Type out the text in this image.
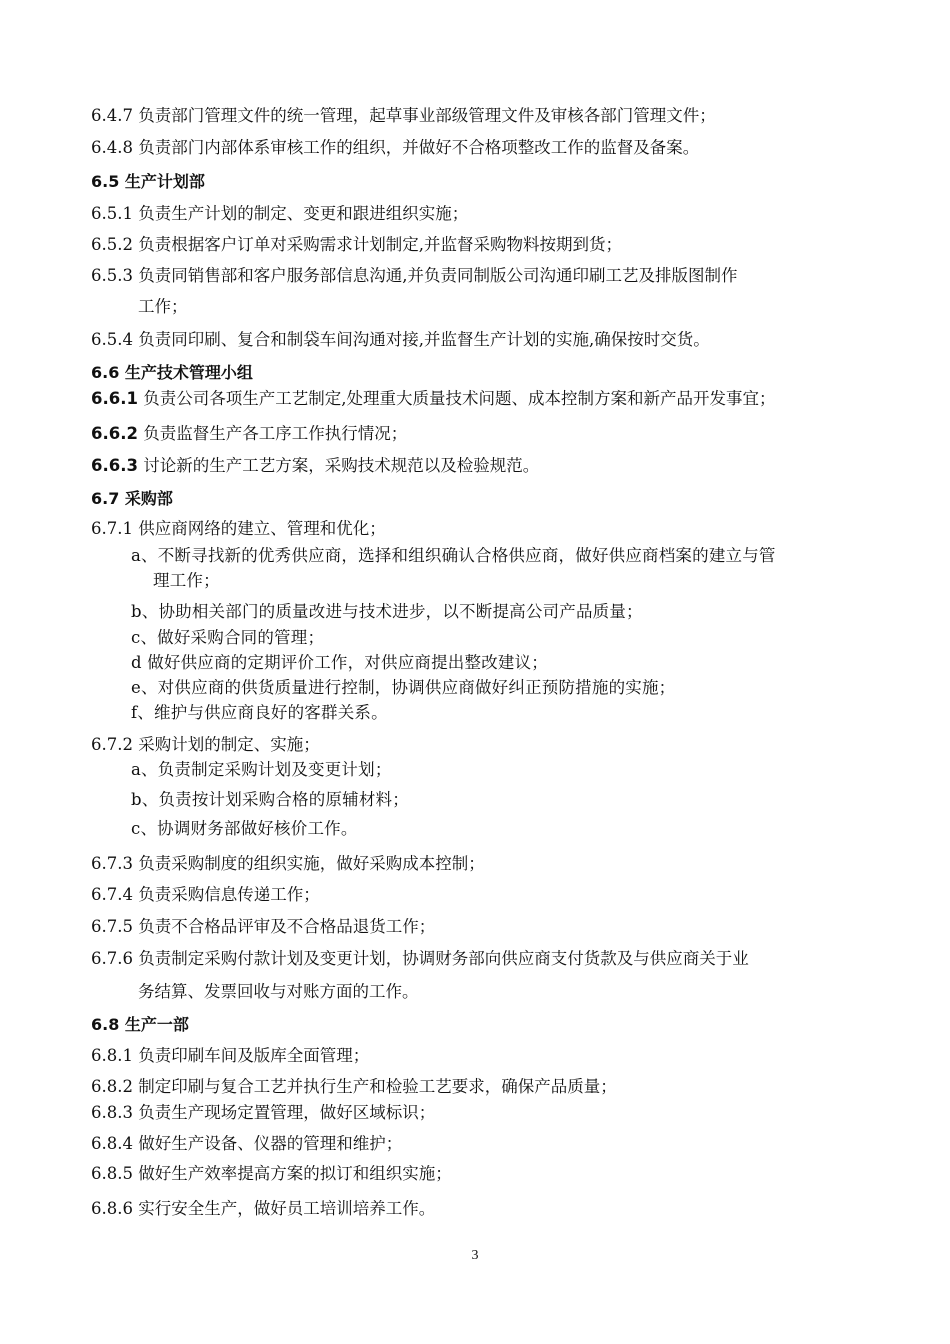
6.4.7 负责部门管理文件的统一管理，起草事业部级管理文件及审核各部门管理文件；
6.4.8 负责部门内部体系审核工作的组织，并做好不合格项整改工作的监督及备案。
6.5 生产计划部
6.5.1 负责生产计划的制定、变更和跟进组织实施；
6.5.2 负责根据客户订单对采购需求计划制定,并监督采购物料按期到货；
6.5.3 负责同销售部和客户服务部信息沟通,并负责同制版公司沟通印刷工艺及排版图制作
工作；
6.5.4 负责同印刷、复合和制袋车间沟通对接,并监督生产计划的实施,确保按时交货。
6.6 生产技术管理小组
6.6.1 负责公司各项生产工艺制定,处理重大质量技术问题、成本控制方案和新产品开发事宜；
6.6.2 负责监督生产各工序工作执行情况；
6.6.3 讨论新的生产工艺方案，采购技术规范以及检验规范。
6.7 采购部
6.7.1 供应商网络的建立、管理和优化；
a、不断寻找新的优秀供应商，选择和组织确认合格供应商，做好供应商档案的建立与管
理工作；
b、协助相关部门的质量改进与技术进步，以不断提高公司产品质量；
c、做好采购合同的管理；
d 做好供应商的定期评价工作，对供应商提出整改建议；
e、对供应商的供货质量进行控制，协调供应商做好纠正预防措施的实施；
f、维护与供应商良好的客群关系。
6.7.2 采购计划的制定、实施；
a、负责制定采购计划及变更计划；
b、负责按计划采购合格的原辅材料；
c、协调财务部做好核价工作。
6.7.3 负责采购制度的组织实施，做好采购成本控制；
6.7.4 负责采购信息传递工作；
6.7.5 负责不合格品评审及不合格品退货工作；
6.7.6 负责制定采购付款计划及变更计划，协调财务部向供应商支付货款及与供应商关于业
务结算、发票回收与对账方面的工作。
6.8 生产一部
6.8.1 负责印刷车间及版库全面管理；
6.8.2 制定印刷与复合工艺并执行生产和检验工艺要求，确保产品质量；
6.8.3 负责生产现场定置管理，做好区域标识；
6.8.4 做好生产设备、仪器的管理和维护；
6.8.5 做好生产效率提高方案的拟订和组织实施；
6.8.6 实行安全生产，做好员工培训培养工作。
3
